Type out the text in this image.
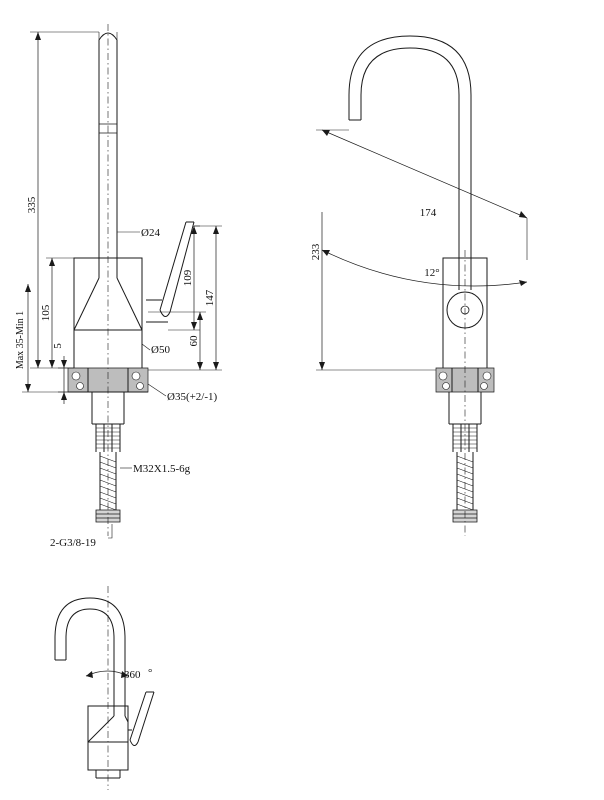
335
Ø24
109
147
60
Ø50
105
5
Max 35-Min 1
Ø35(+2/-1)
M32X1.5-6g
2-G3/8-19
233
174
12°
360 °
